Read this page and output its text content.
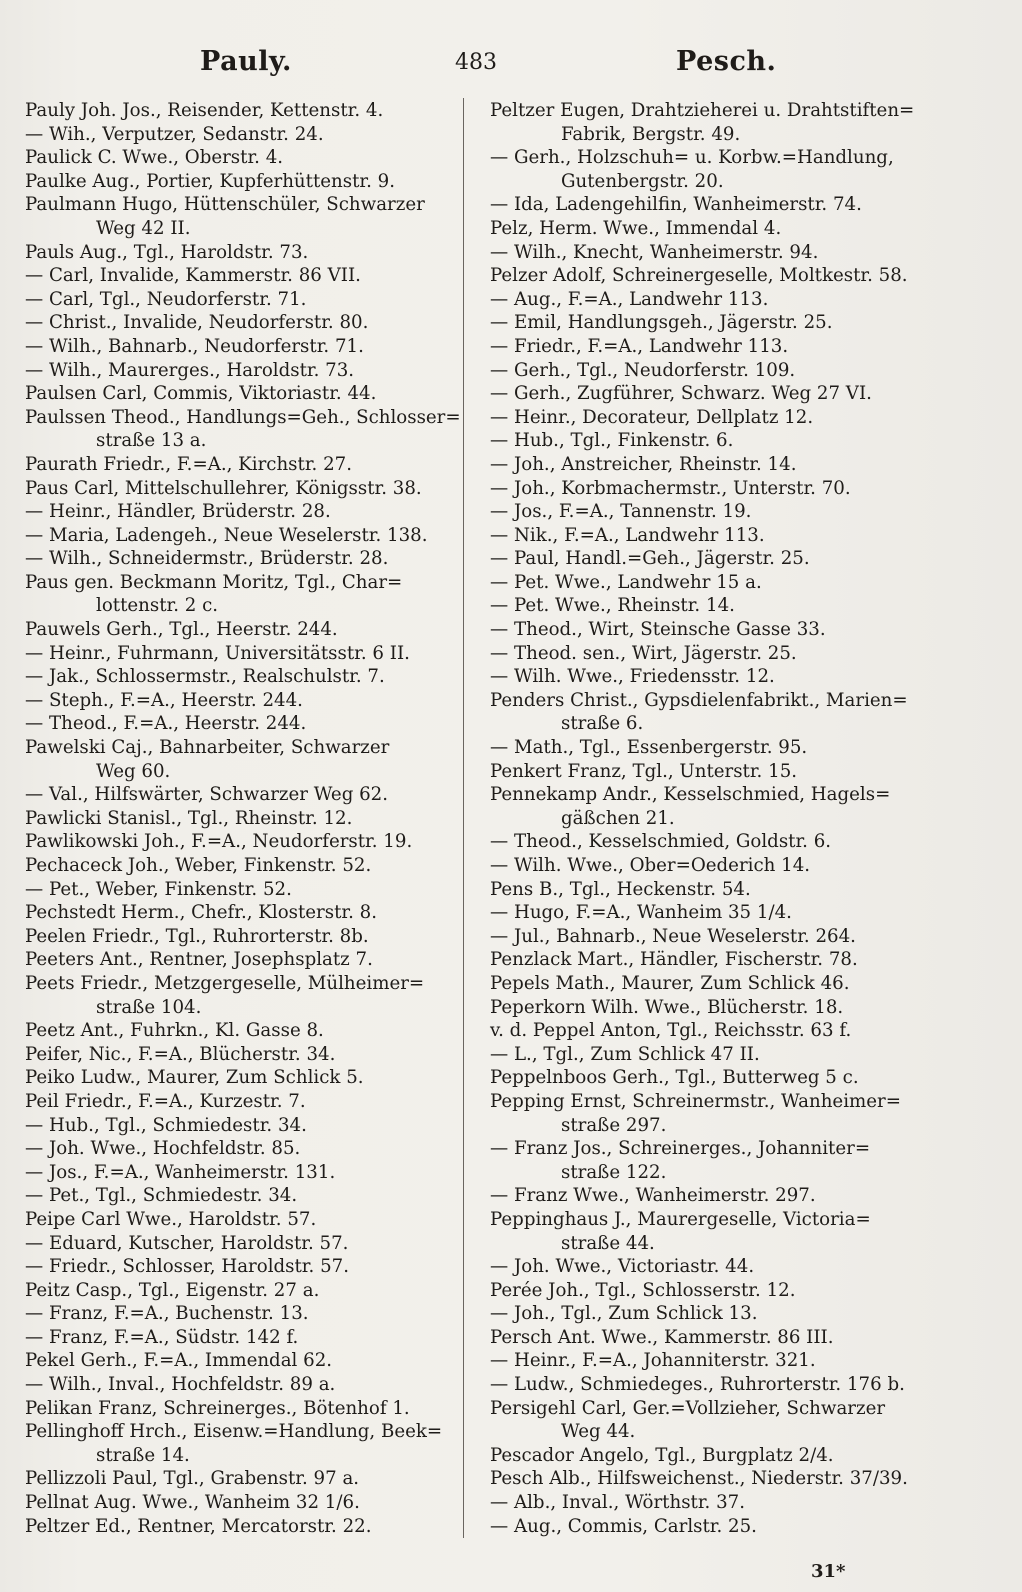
Pauly.	483	Pesch.
Pauly Joh. Jos., Reisender, Kettenstr. 4.
— Wih., Verputzer, Sedanstr. 24.
Paulick C. Wwe., Oberstr. 4.
Paulke Aug., Portier, Kupferhüttenstr. 9.
Paulmann Hugo, Hüttenschüler, Schwarzer
Weg 42 II.
Pauls Aug., Tgl., Haroldstr. 73.
— Carl, Invalide, Kammerstr. 86 VII.
— Carl, Tgl., Neudorferstr. 71.
— Christ., Invalide, Neudorferstr. 80.
— Wilh., Bahnarb., Neudorferstr. 71.
— Wilh., Maurerges., Haroldstr. 73.
Paulsen Carl, Commis, Viktoriastr. 44.
Paulssen Theod., Handlungs=Geh., Schlosser=
straße 13 a.
Paurath Friedr., F.=A., Kirchstr. 27.
Paus Carl, Mittelschullehrer, Königsstr. 38.
— Heinr., Händler, Brüderstr. 28.
— Maria, Ladengeh., Neue Weselerstr. 138.
— Wilh., Schneidermstr., Brüderstr. 28.
Paus gen. Beckmann Moritz, Tgl., Char=
lottenstr. 2 c.
Pauwels Gerh., Tgl., Heerstr. 244.
— Heinr., Fuhrmann, Universitätsstr. 6 II.
— Jak., Schlossermstr., Realschulstr. 7.
— Steph., F.=A., Heerstr. 244.
— Theod., F.=A., Heerstr. 244.
Pawelski Caj., Bahnarbeiter, Schwarzer
Weg 60.
— Val., Hilfswärter, Schwarzer Weg 62.
Pawlicki Stanisl., Tgl., Rheinstr. 12.
Pawlikowski Joh., F.=A., Neudorferstr. 19.
Pechaceck Joh., Weber, Finkenstr. 52.
— Pet., Weber, Finkenstr. 52.
Pechstedt Herm., Chefr., Klosterstr. 8.
Peelen Friedr., Tgl., Ruhrorterstr. 8b.
Peeters Ant., Rentner, Josephsplatz 7.
Peets Friedr., Metzgergeselle, Mülheimer=
straße 104.
Peetz Ant., Fuhrkn., Kl. Gasse 8.
Peifer, Nic., F.=A., Blücherstr. 34.
Peiko Ludw., Maurer, Zum Schlick 5.
Peil Friedr., F.=A., Kurzestr. 7.
— Hub., Tgl., Schmiedestr. 34.
— Joh. Wwe., Hochfeldstr. 85.
— Jos., F.=A., Wanheimerstr. 131.
— Pet., Tgl., Schmiedestr. 34.
Peipe Carl Wwe., Haroldstr. 57.
— Eduard, Kutscher, Haroldstr. 57.
— Friedr., Schlosser, Haroldstr. 57.
Peitz Casp., Tgl., Eigenstr. 27 a.
— Franz, F.=A., Buchenstr. 13.
— Franz, F.=A., Südstr. 142 f.
Pekel Gerh., F.=A., Immendal 62.
— Wilh., Inval., Hochfeldstr. 89 a.
Pelikan Franz, Schreinerges., Bötenhof 1.
Pellinghoff Hrch., Eisenw.=Handlung, Beek=
straße 14.
Pellizzoli Paul, Tgl., Grabenstr. 97 a.
Pellnat Aug. Wwe., Wanheim 32 1/6.
Peltzer Ed., Rentner, Mercatorstr. 22.
Peltzer Eugen, Drahtzieherei u. Drahtstiften=
Fabrik, Bergstr. 49.
— Gerh., Holzschuh= u. Korbw.=Handlung,
Gutenbergstr. 20.
— Ida, Ladengehilfin, Wanheimerstr. 74.
Pelz, Herm. Wwe., Immendal 4.
— Wilh., Knecht, Wanheimerstr. 94.
Pelzer Adolf, Schreinergeselle, Moltkestr. 58.
— Aug., F.=A., Landwehr 113.
— Emil, Handlungsgeh., Jägerstr. 25.
— Friedr., F.=A., Landwehr 113.
— Gerh., Tgl., Neudorferstr. 109.
— Gerh., Zugführer, Schwarz. Weg 27 VI.
— Heinr., Decorateur, Dellplatz 12.
— Hub., Tgl., Finkenstr. 6.
— Joh., Anstreicher, Rheinstr. 14.
— Joh., Korbmachermstr., Unterstr. 70.
— Jos., F.=A., Tannenstr. 19.
— Nik., F.=A., Landwehr 113.
— Paul, Handl.=Geh., Jägerstr. 25.
— Pet. Wwe., Landwehr 15 a.
— Pet. Wwe., Rheinstr. 14.
— Theod., Wirt, Steinsche Gasse 33.
— Theod. sen., Wirt, Jägerstr. 25.
— Wilh. Wwe., Friedensstr. 12.
Penders Christ., Gypsdielenfabrikt., Marien=
straße 6.
— Math., Tgl., Essenbergerstr. 95.
Penkert Franz, Tgl., Unterstr. 15.
Pennekamp Andr., Kesselschmied, Hagels=
gäßchen 21.
— Theod., Kesselschmied, Goldstr. 6.
— Wilh. Wwe., Ober=Oederich 14.
Pens B., Tgl., Heckenstr. 54.
— Hugo, F.=A., Wanheim 35 1/4.
— Jul., Bahnarb., Neue Weselerstr. 264.
Penzlack Mart., Händler, Fischerstr. 78.
Pepels Math., Maurer, Zum Schlick 46.
Peperkorn Wilh. Wwe., Blücherstr. 18.
v. d. Peppel Anton, Tgl., Reichsstr. 63 f.
— L., Tgl., Zum Schlick 47 II.
Peppelnboos Gerh., Tgl., Butterweg 5 c.
Pepping Ernst, Schreinermstr., Wanheimer=
straße 297.
— Franz Jos., Schreinerges., Johanniter=
straße 122.
— Franz Wwe., Wanheimerstr. 297.
Peppinghaus J., Maurergeselle, Victoria=
straße 44.
— Joh. Wwe., Victoriastr. 44.
Perée Joh., Tgl., Schlosserstr. 12.
— Joh., Tgl., Zum Schlick 13.
Persch Ant. Wwe., Kammerstr. 86 III.
— Heinr., F.=A., Johanniterstr. 321.
— Ludw., Schmiedeges., Ruhrorterstr. 176 b.
Persigehl Carl, Ger.=Vollzieher, Schwarzer
Weg 44.
Pescador Angelo, Tgl., Burgplatz 2/4.
Pesch Alb., Hilfsweichenst., Niederstr. 37/39.
— Alb., Inval., Wörthstr. 37.
— Aug., Commis, Carlstr. 25.
31*
